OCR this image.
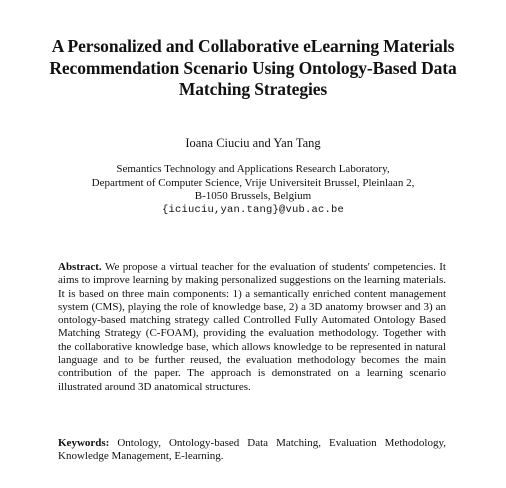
A Personalized and Collaborative eLearning Materials
Recommendation Scenario Using Ontology-Based Data
Matching Strategies
Ioana Ciuciu and Yan Tang
Semantics Technology and Applications Research Laboratory,
Department of Computer Science, Vrije Universiteit Brussel, Pleinlaan 2,
B-1050 Brussels, Belgium
{iciuciu,yan.tang}@vub.ac.be
Abstract. We propose a virtual teacher for the evaluation of students' competencies. It aims to improve learning by making personalized suggestions on the learning materials. It is based on three main components: 1) a semantically enriched content management system (CMS), playing the role of knowledge base, 2) a 3D anatomy browser and 3) an ontology-based matching strategy called Controlled Fully Automated Ontology Based Matching Strategy (C-FOAM), providing the evaluation methodology. Together with the collaborative knowledge base, which allows knowledge to be represented in natural language and to be further reused, the evaluation methodology becomes the main contribution of the paper. The approach is demonstrated on a learning scenario illustrated around 3D anatomical structures.
Keywords: Ontology, Ontology-based Data Matching, Evaluation Methodology, Knowledge Management, E-learning.
